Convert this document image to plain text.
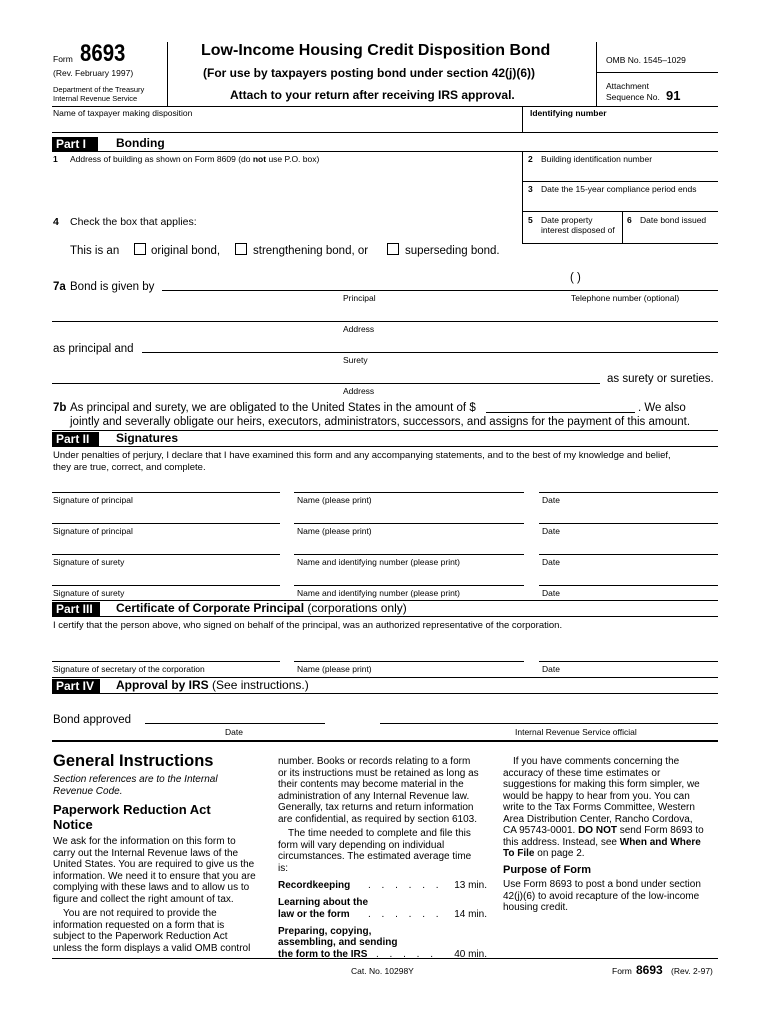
Form 8693
(Rev. February 1997)
Department of the Treasury
Internal Revenue Service
Low-Income Housing Credit Disposition Bond
(For use by taxpayers posting bond under section 42(j)(6))
Attach to your return after receiving IRS approval.
OMB No. 1545–1029
Attachment
Sequence No. 91
Name of taxpayer making disposition	Identifying number
Part I	Bonding
1 Address of building as shown on Form 8609 (do not use P.O. box)	2 Building identification number
3 Date the 15-year compliance period ends
4 Check the box that applies:	5 Date property
interest disposed of
6 Date bond issued
This is an	original bond,	strengthening bond, or	superseding bond.
( )
7a Bond is given by
Principal	Telephone number (optional)
Address
as principal and
Surety
as surety or sureties.
Address
7b As principal and surety, we are obligated to the United States in the amount of $	. We also
jointly and severally obligate our heirs, executors, administrators, successors, and assigns for the payment of this amount.
Part II	Signatures
Under penalties of perjury, I declare that I have examined this form and any accompanying statements, and to the best of my knowledge and belief,
they are true, correct, and complete.
Signature of principal	Name (please print)	Date
Signature of principal	Name (please print)	Date
Signature of surety	Name and identifying number (please print)	Date
Signature of surety	Name and identifying number (please print)	Date
Part III	Certificate of Corporate Principal (corporations only)
I certify that the person above, who signed on behalf of the principal, was an authorized representative of the corporation.
Signature of secretary of the corporation	Name (please print)	Date
Part IV	Approval by IRS (See instructions.)
Bond approved
Date	Internal Revenue Service official
General Instructions
Section references are to the Internal
Revenue Code.
Paperwork Reduction Act
Notice
We ask for the information on this form to
carry out the Internal Revenue laws of the
United States. You are required to give us the
information. We need it to ensure that you are
complying with these laws and to allow us to
figure and collect the right amount of tax.
You are not required to provide the
information requested on a form that is
subject to the Paperwork Reduction Act
unless the form displays a valid OMB control
number. Books or records relating to a form
or its instructions must be retained as long as
their contents may become material in the
administration of any Internal Revenue law.
Generally, tax returns and return information
are confidential, as required by section 6103.
The time needed to complete and file this
form will vary depending on individual
circumstances. The estimated average time
is:
Recordkeeping . . . . . . 13 min.
Learning about the
law or the form . . . . . . 14 min.
Preparing, copying,
assembling, and sending
the form to the IRS . . . . . 40 min.
If you have comments concerning the
accuracy of these time estimates or
suggestions for making this form simpler, we
would be happy to hear from you. You can
write to the Tax Forms Committee, Western
Area Distribution Center, Rancho Cordova,
CA 95743-0001. DO NOT send Form 8693 to
this address. Instead, see When and Where
To File on page 2.
Purpose of Form
Use Form 8693 to post a bond under section
42(j)(6) to avoid recapture of the low-income
housing credit.
Cat. No. 10298Y	Form 8693 (Rev. 2-97)
